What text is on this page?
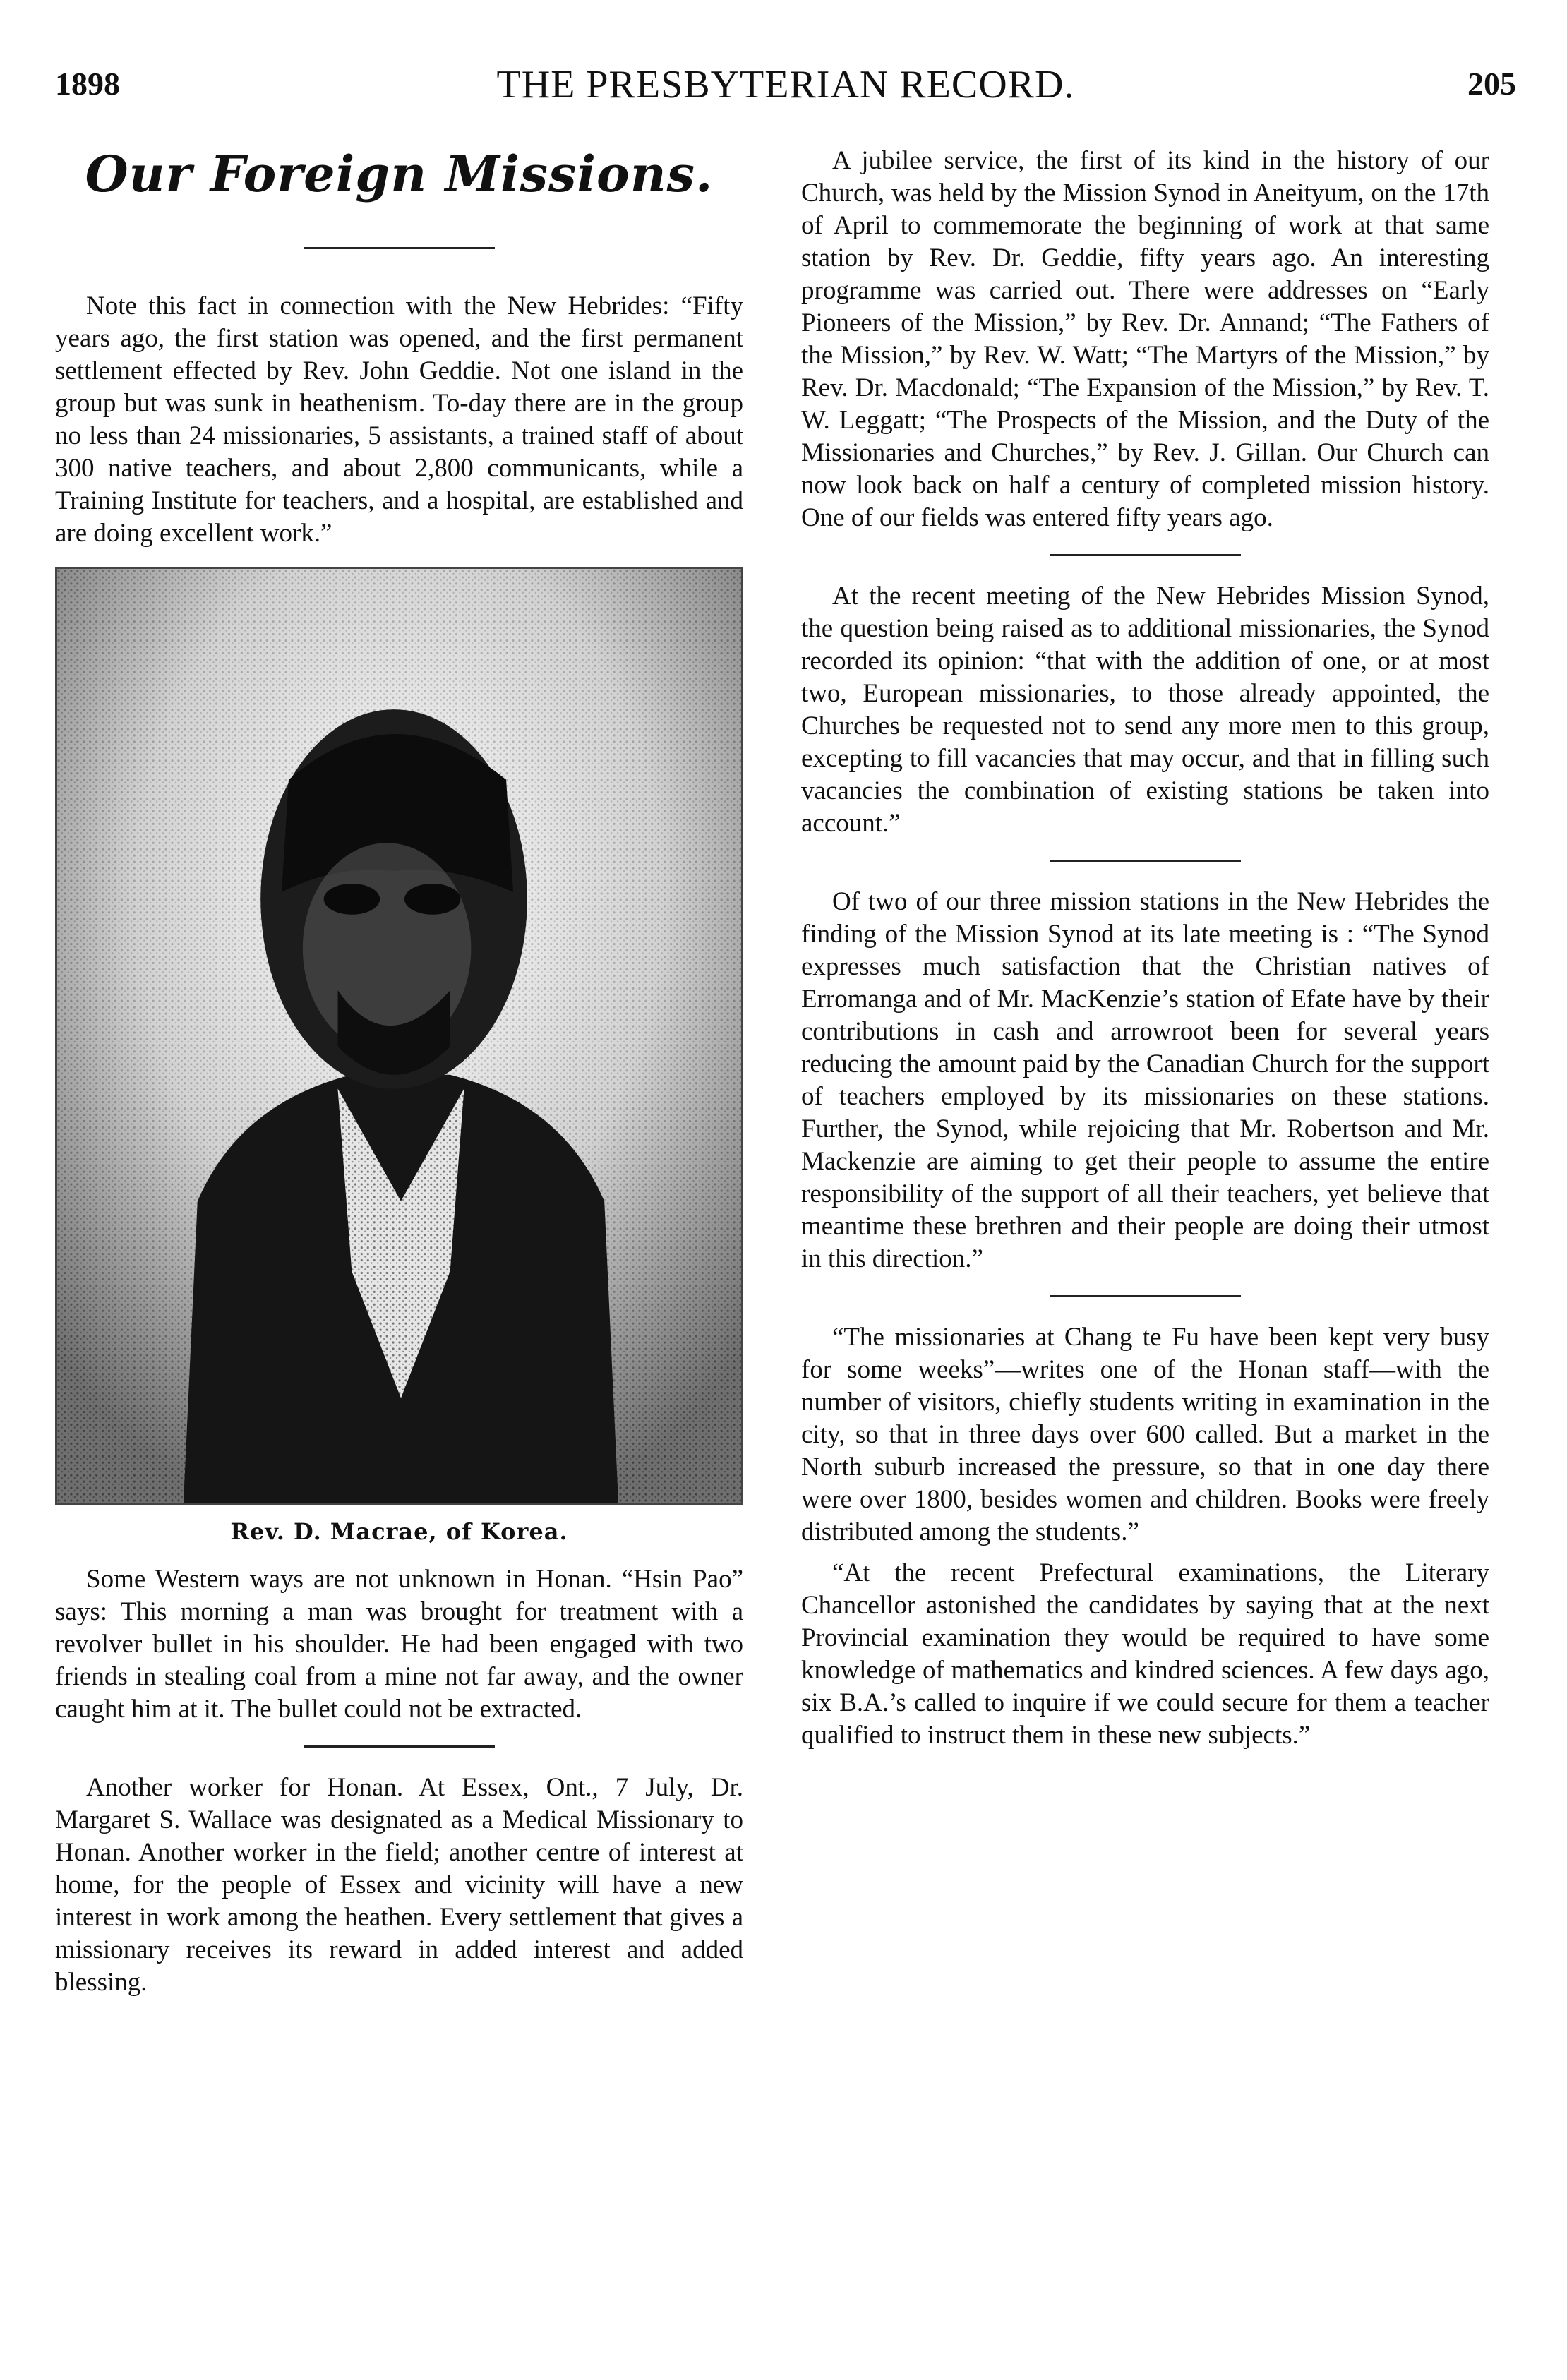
1898	THE PRESBYTERIAN RECORD.	205
Our Foreign Missions.

Note this fact in connection with the New Hebrides: “Fifty years ago, the first station was opened, and the first permanent settlement effected by Rev. John Geddie. Not one island in the group but was sunk in heathenism. To-day there are in the group no less than 24 missionaries, 5 assistants, a trained staff of about 300 native teachers, and about 2,800 communicants, while a Training Institute for teachers, and a hospital, are established and are doing excellent work.”

Rev. D. Macrae, of Korea.

Some Western ways are not unknown in Honan. “Hsin Pao” says: This morning a man was brought for treatment with a revolver bullet in his shoulder. He had been engaged with two friends in stealing coal from a mine not far away, and the owner caught him at it. The bullet could not be extracted.

Another worker for Honan. At Essex, Ont., 7 July, Dr. Margaret S. Wallace was designated as a Medical Missionary to Honan. Another worker in the field; another centre of interest at home, for the people of Essex and vicinity will have a new interest in work among the heathen. Every settlement that gives a missionary receives its reward in added interest and added blessing.

A jubilee service, the first of its kind in the history of our Church, was held by the Mission Synod in Aneityum, on the 17th of April to commemorate the beginning of work at that same station by Rev. Dr. Geddie, fifty years ago. An interesting programme was carried out. There were addresses on “Early Pioneers of the Mission,” by Rev. Dr. Annand; “The Fathers of the Mission,” by Rev. W. Watt; “The Martyrs of the Mission,” by Rev. Dr. Macdonald; “The Expansion of the Mission,” by Rev. T. W. Leggatt; “The Prospects of the Mission, and the Duty of the Missionaries and Churches,” by Rev. J. Gillan. Our Church can now look back on half a century of completed mission history. One of our fields was entered fifty years ago.

At the recent meeting of the New Hebrides Mission Synod, the question being raised as to additional missionaries, the Synod recorded its opinion: “that with the addition of one, or at most two, European missionaries, to those already appointed, the Churches be requested not to send any more men to this group, excepting to fill vacancies that may occur, and that in filling such vacancies the combination of existing stations be taken into account.”

Of two of our three mission stations in the New Hebrides the finding of the Mission Synod at its late meeting is : “The Synod expresses much satisfaction that the Christian natives of Erromanga and of Mr. MacKenzie’s station of Efate have by their contributions in cash and arrowroot been for several years reducing the amount paid by the Canadian Church for the support of teachers employed by its missionaries on these stations. Further, the Synod, while rejoicing that Mr. Robertson and Mr. Mackenzie are aiming to get their people to assume the entire responsibility of the support of all their teachers, yet believe that meantime these brethren and their people are doing their utmost in this direction.”

“The missionaries at Chang te Fu have been kept very busy for some weeks”—writes one of the Honan staff—with the number of visitors, chiefly students writing in examination in the city, so that in three days over 600 called. But a market in the North suburb increased the pressure, so that in one day there were over 1800, besides women and children. Books were freely distributed among the students.”

“At the recent Prefectural examinations, the Literary Chancellor astonished the candidates by saying that at the next Provincial examination they would be required to have some knowledge of mathematics and kindred sciences. A few days ago, six B.A.’s called to inquire if we could secure for them a teacher qualified to instruct them in these new subjects.”
